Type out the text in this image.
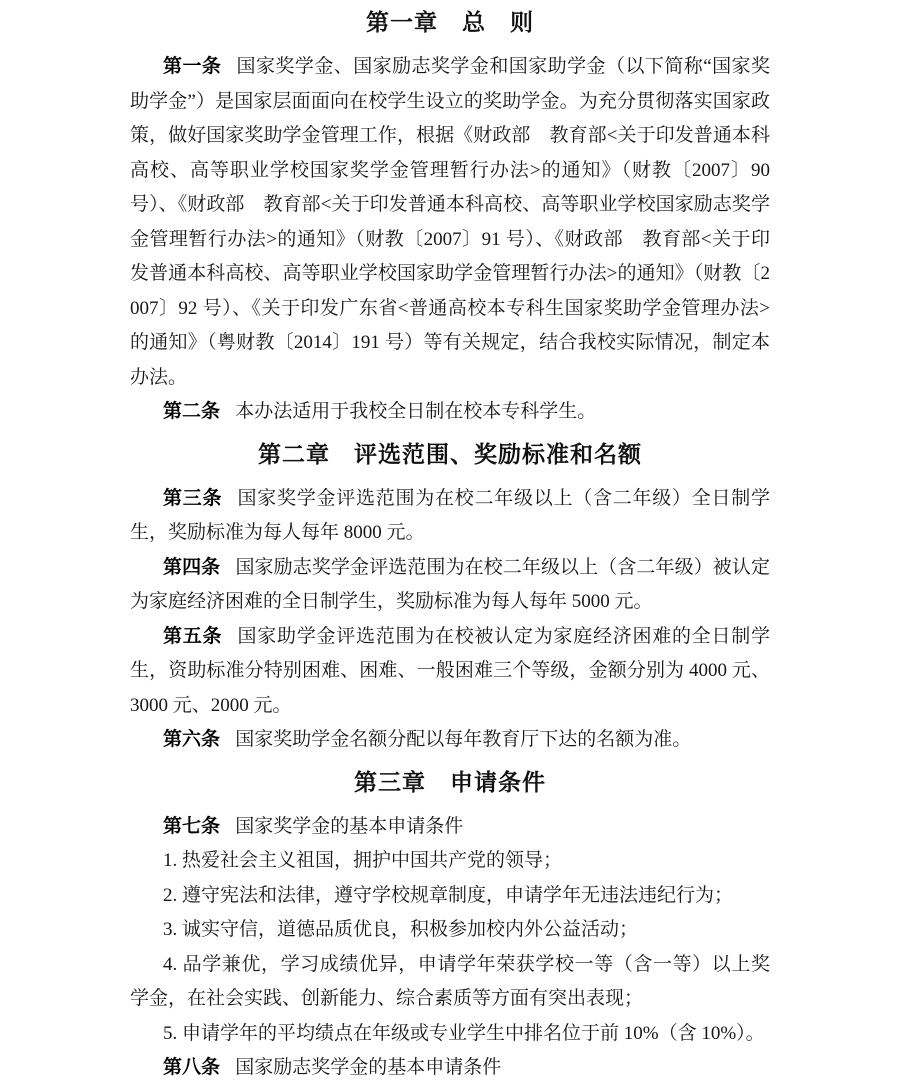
第一章　总　则

第一条 国家奖学金、国家励志奖学金和国家助学金（以下简称“国家奖助学金”）是国家层面面向在校学生设立的奖助学金。为充分贯彻落实国家政策，做好国家奖助学金管理工作，根据《财政部　教育部<关于印发普通本科高校、高等职业学校国家奖学金管理暂行办法>的通知》（财教〔2007〕90 号）、《财政部　教育部<关于印发普通本科高校、高等职业学校国家励志奖学金管理暂行办法>的通知》（财教〔2007〕91 号）、《财政部　教育部<关于印发普通本科高校、高等职业学校国家助学金管理暂行办法>的通知》（财教〔2007〕92 号）、《关于印发广东省<普通高校本专科生国家奖助学金管理办法>的通知》（粤财教〔2014〕191 号）等有关规定，结合我校实际情况，制定本办法。

第二条 本办法适用于我校全日制在校本专科学生。

第二章　评选范围、奖励标准和名额

第三条 国家奖学金评选范围为在校二年级以上（含二年级）全日制学生，奖励标准为每人每年 8000 元。

第四条 国家励志奖学金评选范围为在校二年级以上（含二年级）被认定为家庭经济困难的全日制学生，奖励标准为每人每年 5000 元。

第五条 国家助学金评选范围为在校被认定为家庭经济困难的全日制学生，资助标准分特别困难、困难、一般困难三个等级，金额分别为 4000 元、3000 元、2000 元。

第六条 国家奖助学金名额分配以每年教育厅下达的名额为准。

第三章　申请条件

第七条 国家奖学金的基本申请条件

1. 热爱社会主义祖国，拥护中国共产党的领导；

2. 遵守宪法和法律，遵守学校规章制度，申请学年无违法违纪行为；

3. 诚实守信，道德品质优良，积极参加校内外公益活动；

4. 品学兼优，学习成绩优异，申请学年荣获学校一等（含一等）以上奖学金，在社会实践、创新能力、综合素质等方面有突出表现；

5. 申请学年的平均绩点在年级或专业学生中排名位于前 10%（含 10%）。

第八条 国家励志奖学金的基本申请条件
